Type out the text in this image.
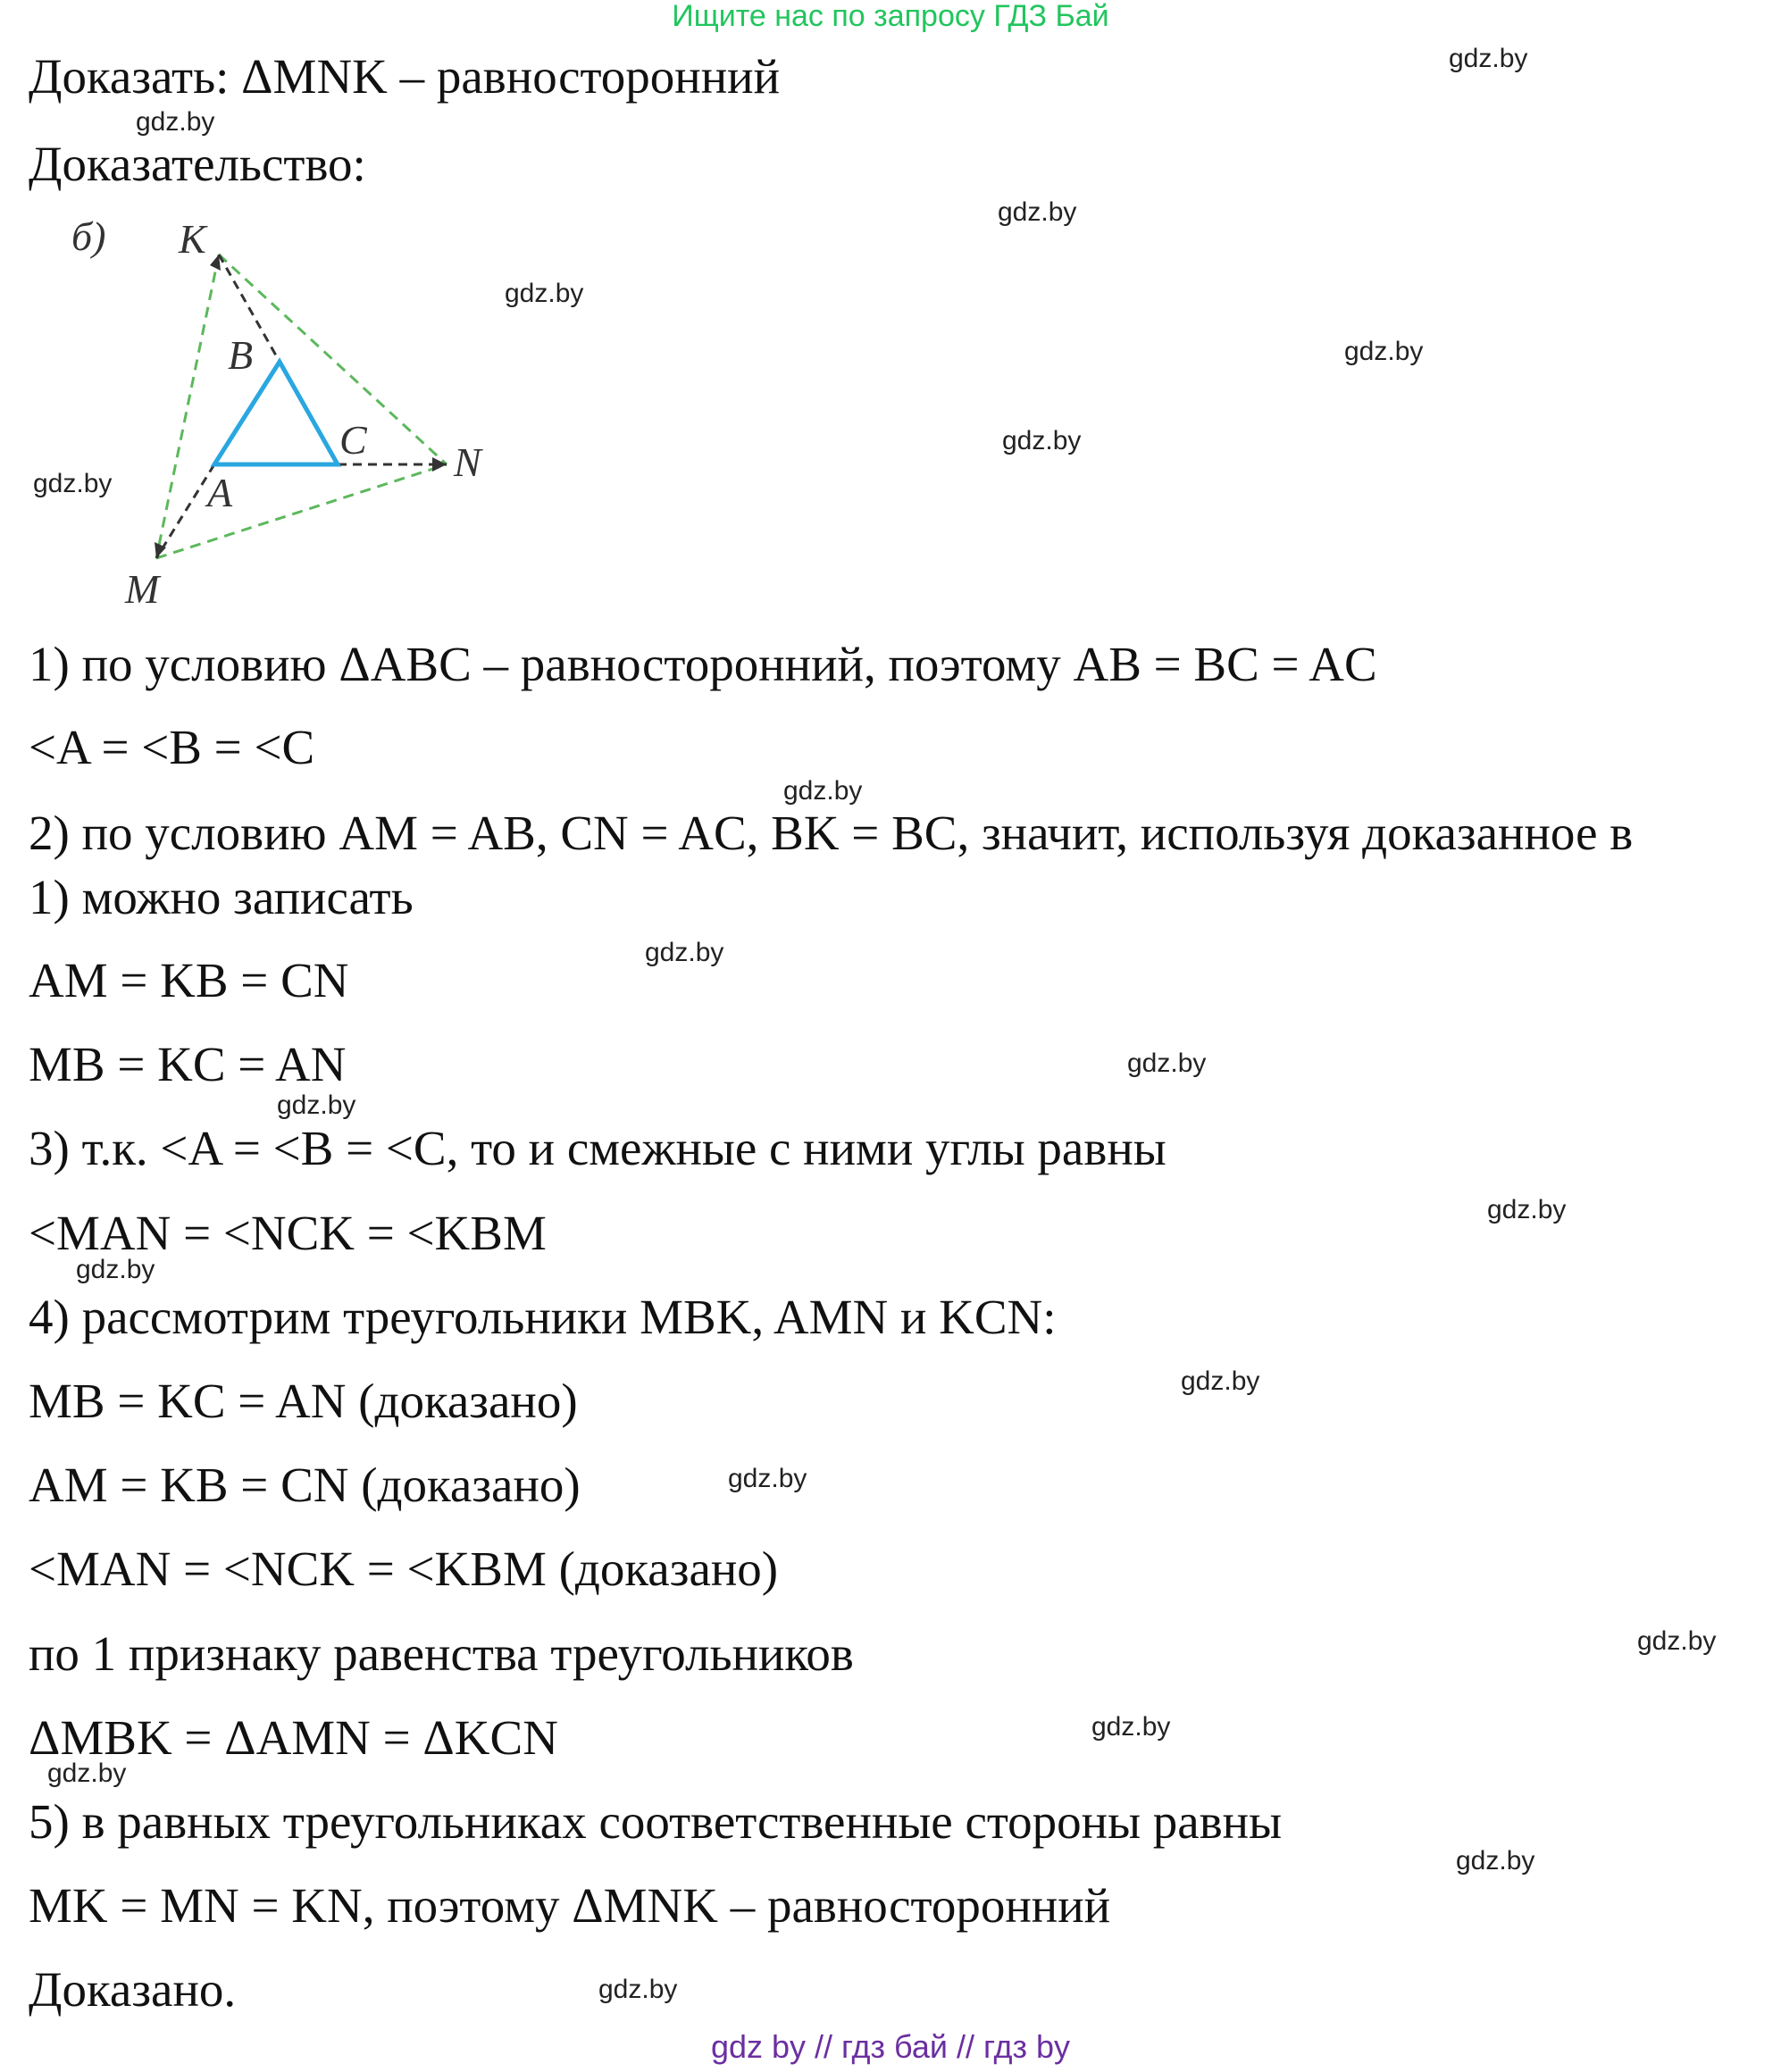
Ищите нас по запросу ГДЗ Бай
Доказать: ΔMNK – равносторонний
Доказательство:
б) K
B
C N
A
M
1) по условию ΔABC – равносторонний, поэтому AB = BC = AC
<A = <B = <C
2) по условию AM = AB, CN = AC, BK = BC, значит, используя доказанное в
1) можно записать
AM = KB = CN
MB = KC = AN
3) т.к. <A = <B = <C, то и смежные с ними углы равны
<MAN = <NCK = <KBM
4) рассмотрим треугольники MBK, AMN и KCN:
MB = KC = AN (доказано)
AM = KB = CN (доказано)
<MAN = <NCK = <KBM (доказано)
по 1 признаку равенства треугольников
ΔMBK = ΔAMN = ΔKCN
5) в равных треугольниках соответственные стороны равны
MK = MN = KN, поэтому ΔMNK – равносторонний
Доказано.
gdz.by
gdz.by
gdz.by
gdz.by
gdz.by
gdz.by
gdz.by
gdz.by
gdz.by
gdz.by
gdz.by
gdz.by
gdz.by
gdz.by
gdz.by
gdz.by
gdz.by
gdz.by
gdz.by
gdz.by
gdz by // гдз бай // гдз by
